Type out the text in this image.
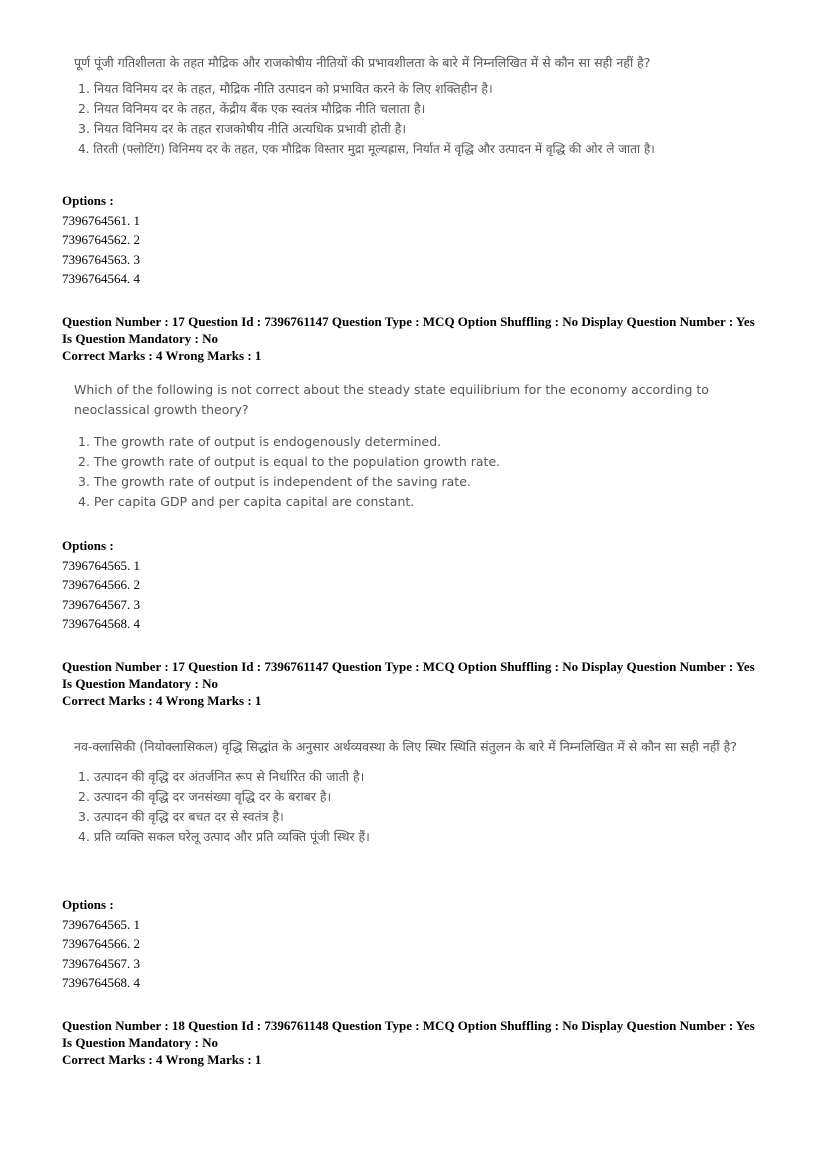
पूर्ण पूंजी गतिशीलता के तहत मौद्रिक और राजकोषीय नीतियों की प्रभावशीलता के बारे में निम्नलिखित में से कौन सा सही नहीं है?

1. नियत विनिमय दर के तहत, मौद्रिक नीति उत्पादन को प्रभावित करने के लिए शक्तिहीन है।
2. नियत विनिमय दर के तहत, केंद्रीय बैंक एक स्वतंत्र मौद्रिक नीति चलाता है।
3. नियत विनिमय दर के तहत राजकोषीय नीति अत्यधिक प्रभावी होती है।
4. तिरती (फ्लोटिंग) विनिमय दर के तहत, एक मौद्रिक विस्तार मुद्रा मूल्यह्रास, निर्यात में वृद्धि और उत्पादन में वृद्धि की ओर ले जाता है।
Options :
7396764561. 1
7396764562. 2
7396764563. 3
7396764564. 4
Question Number : 17 Question Id : 7396761147 Question Type : MCQ Option Shuffling : No Display Question Number : Yes
Is Question Mandatory : No
Correct Marks : 4 Wrong Marks : 1

Which of the following is not correct about the steady state equilibrium for the economy according to neoclassical growth theory?

1. The growth rate of output is endogenously determined.
2. The growth rate of output is equal to the population growth rate.
3. The growth rate of output is independent of the saving rate.
4. Per capita GDP and per capita capital are constant.
Options :
7396764565. 1
7396764566. 2
7396764567. 3
7396764568. 4
Question Number : 17 Question Id : 7396761147 Question Type : MCQ Option Shuffling : No Display Question Number : Yes
Is Question Mandatory : No
Correct Marks : 4 Wrong Marks : 1

नव-क्लासिकी (नियोक्लासिकल) वृद्धि सिद्धांत के अनुसार अर्थव्यवस्था के लिए स्थिर स्थिति संतुलन के बारे में निम्नलिखित में से कौन सा सही नहीं है?

1. उत्पादन की वृद्धि दर अंतर्जनित रूप से निर्धारित की जाती है।
2. उत्पादन की वृद्धि दर जनसंख्या वृद्धि दर के बराबर है।
3. उत्पादन की वृद्धि दर बचत दर से स्वतंत्र है।
4. प्रति व्यक्ति सकल घरेलू उत्पाद और प्रति व्यक्ति पूंजी स्थिर हैं।
Options :
7396764565. 1
7396764566. 2
7396764567. 3
7396764568. 4
Question Number : 18 Question Id : 7396761148 Question Type : MCQ Option Shuffling : No Display Question Number : Yes
Is Question Mandatory : No
Correct Marks : 4 Wrong Marks : 1
